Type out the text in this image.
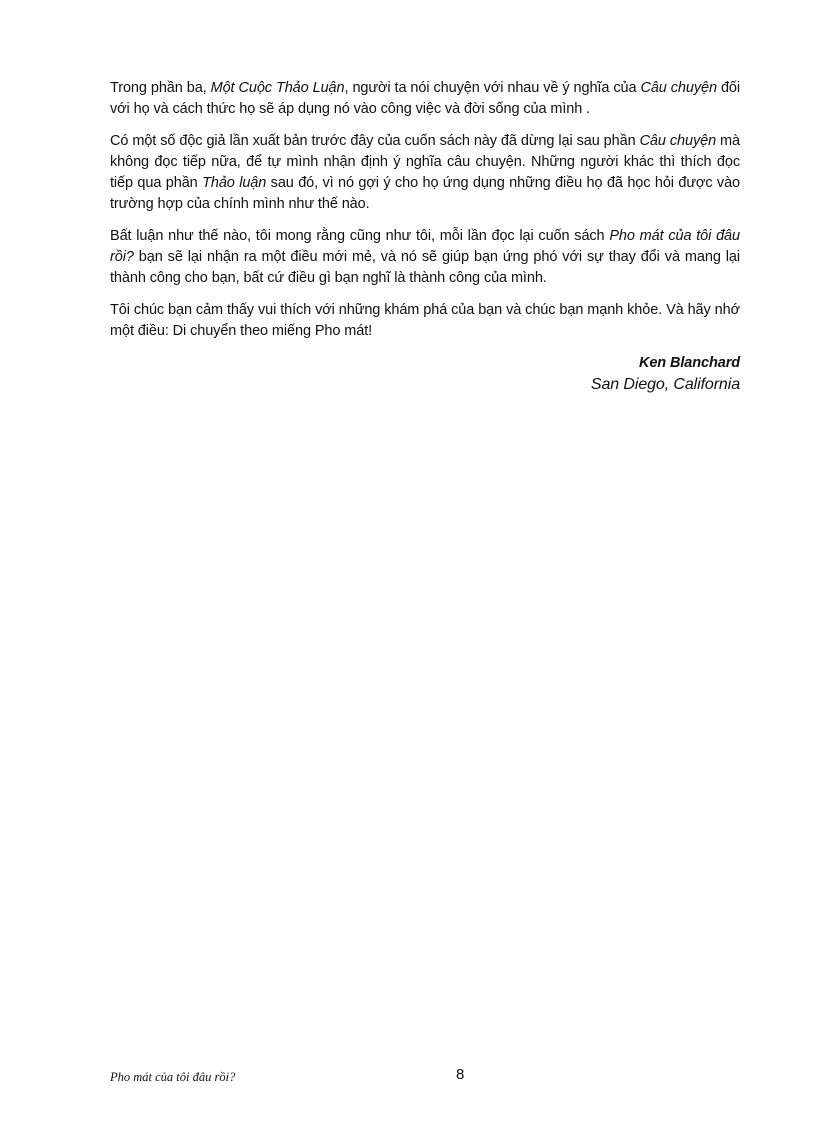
Trong phần ba, Một Cuộc Thảo Luận, người ta nói chuyện với nhau về ý nghĩa của Câu chuyện đối với họ và cách thức họ sẽ áp dụng nó vào công việc và đời sống của mình .

Có một số độc giả lần xuất bản trước đây của cuốn sách này đã dừng lại sau phần Câu chuyện mà không đọc tiếp nữa, để tự mình nhận định ý nghĩa câu chuyện. Những người khác thì thích đọc tiếp qua phần Thảo luận sau đó, vì nó gợi ý cho họ ứng dụng những điều họ đã học hỏi được vào trường hợp của chính mình như thế nào.

Bất luận như thế nào, tôi mong rằng cũng như tôi, mỗi lần đọc lại cuốn sách Pho mát của tôi đâu rồi? bạn sẽ lại nhận ra một điều mới mẻ, và nó sẽ giúp bạn ứng phó với sự thay đổi và mang lại thành công cho bạn, bất cứ điều gì bạn nghĩ là thành công của mình.

Tôi chúc bạn cảm thấy vui thích với những khám phá của bạn và chúc bạn mạnh khỏe. Và hãy nhớ một điều: Di chuyển theo miếng Pho mát!

Ken Blanchard
San Diego, California
Pho mát của tôi đâu rồi?	8
